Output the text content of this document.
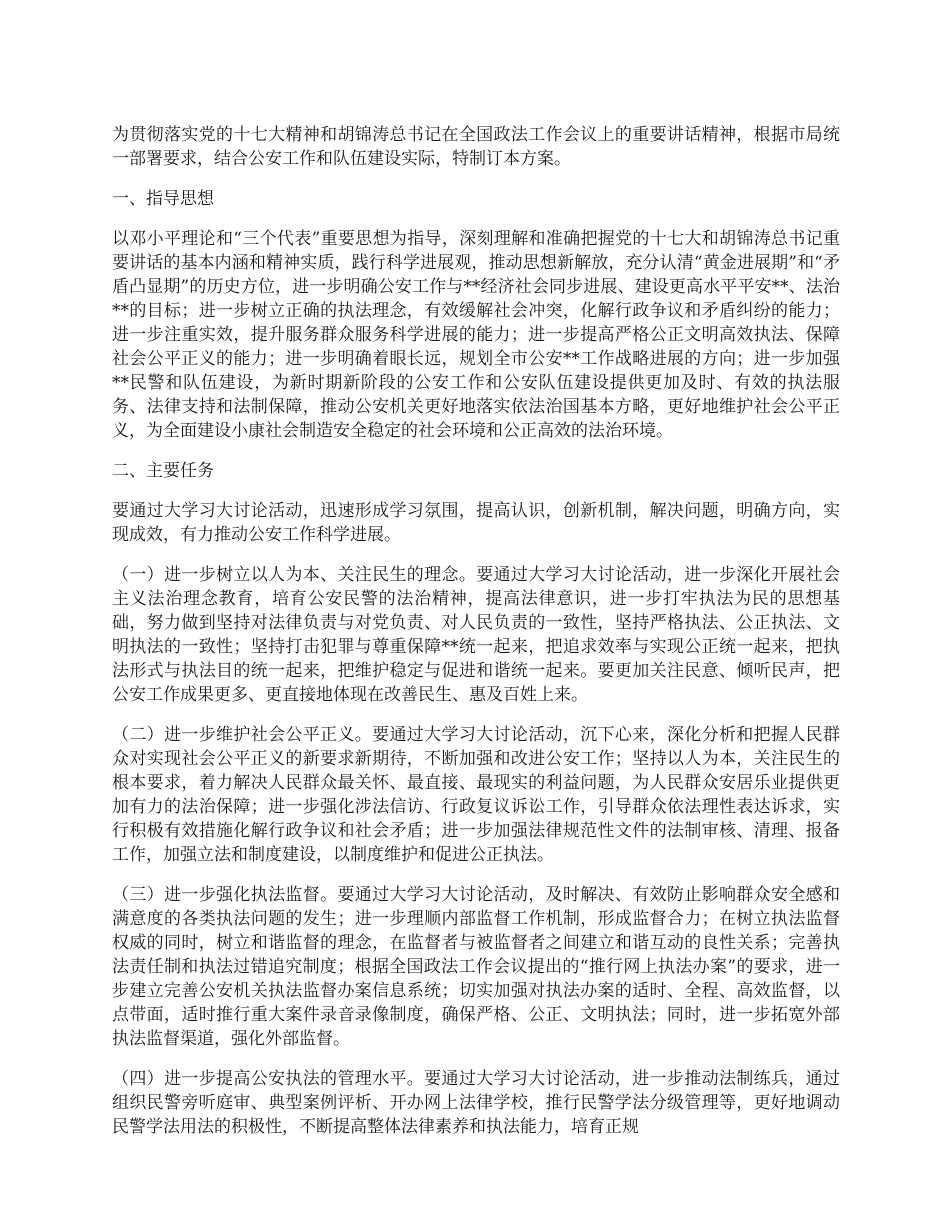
为贯彻落实党的十七大精神和胡锦涛总书记在全国政法工作会议上的重要讲话精神，根据市局统一部署要求，结合公安工作和队伍建设实际，特制订本方案。

一、指导思想

以邓小平理论和“三个代表”重要思想为指导，深刻理解和准确把握党的十七大和胡锦涛总书记重要讲话的基本内涵和精神实质，践行科学进展观，推动思想新解放，充分认清“黄金进展期”和“矛盾凸显期”的历史方位，进一步明确公安工作与**经济社会同步进展、建设更高水平平安**、法治**的目标；进一步树立正确的执法理念，有效缓解社会冲突，化解行政争议和矛盾纠纷的能力；进一步注重实效，提升服务群众服务科学进展的能力；进一步提高严格公正文明高效执法、保障社会公平正义的能力；进一步明确着眼长远，规划全市公安**工作战略进展的方向；进一步加强**民警和队伍建设，为新时期新阶段的公安工作和公安队伍建设提供更加及时、有效的执法服务、法律支持和法制保障，推动公安机关更好地落实依法治国基本方略，更好地维护社会公平正义，为全面建设小康社会制造安全稳定的社会环境和公正高效的法治环境。

二、主要任务

要通过大学习大讨论活动，迅速形成学习氛围，提高认识，创新机制，解决问题，明确方向，实现成效，有力推动公安工作科学进展。

（一）进一步树立以人为本、关注民生的理念。要通过大学习大讨论活动，进一步深化开展社会主义法治理念教育，培育公安民警的法治精神，提高法律意识，进一步打牢执法为民的思想基础，努力做到坚持对法律负责与对党负责、对人民负责的一致性，坚持严格执法、公正执法、文明执法的一致性；坚持打击犯罪与尊重保障**统一起来，把追求效率与实现公正统一起来，把执法形式与执法目的统一起来，把维护稳定与促进和谐统一起来。要更加关注民意、倾听民声，把公安工作成果更多、更直接地体现在改善民生、惠及百姓上来。

（二）进一步维护社会公平正义。要通过大学习大讨论活动，沉下心来，深化分析和把握人民群众对实现社会公平正义的新要求新期待，不断加强和改进公安工作；坚持以人为本，关注民生的根本要求，着力解决人民群众最关怀、最直接、最现实的利益问题，为人民群众安居乐业提供更加有力的法治保障；进一步强化涉法信访、行政复议诉讼工作，引导群众依法理性表达诉求，实行积极有效措施化解行政争议和社会矛盾；进一步加强法律规范性文件的法制审核、清理、报备工作，加强立法和制度建设，以制度维护和促进公正执法。

（三）进一步强化执法监督。要通过大学习大讨论活动，及时解决、有效防止影响群众安全感和满意度的各类执法问题的发生；进一步理顺内部监督工作机制，形成监督合力；在树立执法监督权威的同时，树立和谐监督的理念，在监督者与被监督者之间建立和谐互动的良性关系；完善执法责任制和执法过错追究制度；根据全国政法工作会议提出的“推行网上执法办案”的要求，进一步建立完善公安机关执法监督办案信息系统；切实加强对执法办案的适时、全程、高效监督，以点带面，适时推行重大案件录音录像制度，确保严格、公正、文明执法；同时，进一步拓宽外部执法监督渠道，强化外部监督。

（四）进一步提高公安执法的管理水平。要通过大学习大讨论活动，进一步推动法制练兵，通过组织民警旁听庭审、典型案例评析、开办网上法律学校，推行民警学法分级管理等，更好地调动民警学法用法的积极性，不断提高整体法律素养和执法能力，培育正规
